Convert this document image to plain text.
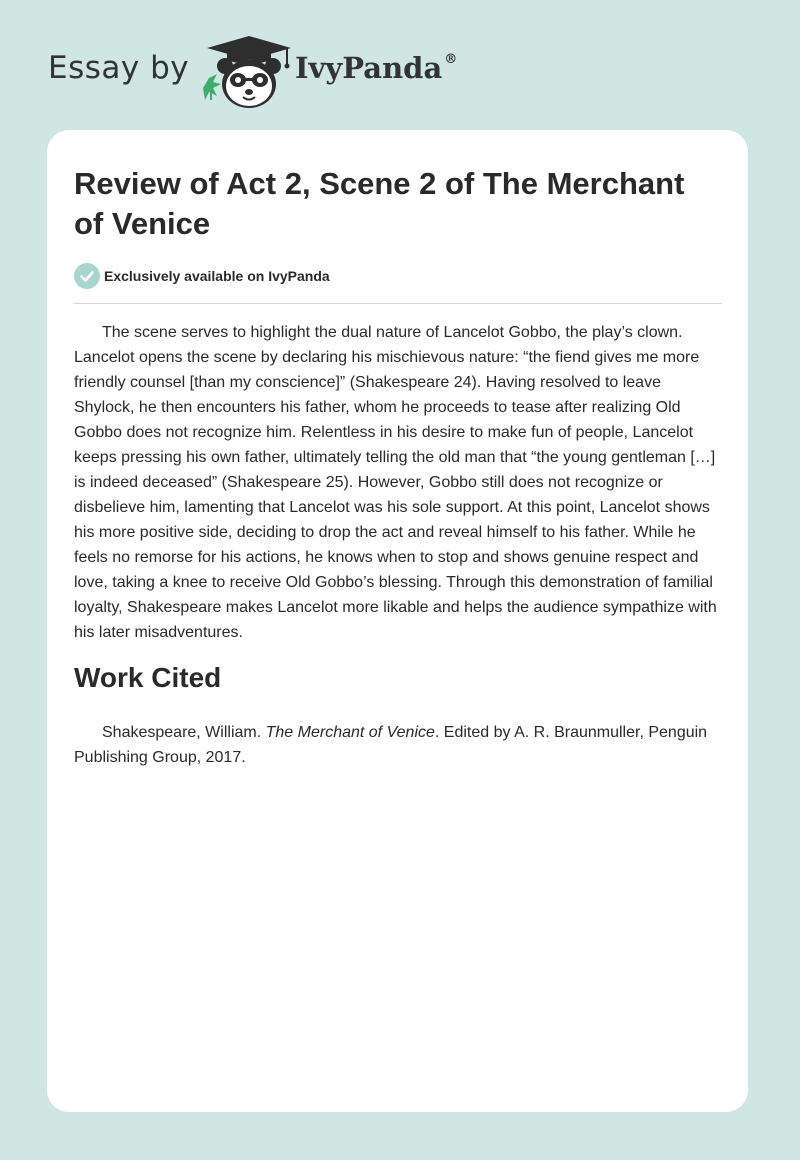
Essay by	IvyPanda ®
Review of Act 2, Scene 2 of The Merchant of Venice
Exclusively available on IvyPanda

The scene serves to highlight the dual nature of Lancelot Gobbo, the play’s clown. Lancelot opens the scene by declaring his mischievous nature: “the fiend gives me more friendly counsel [than my conscience]” (Shakespeare 24). Having resolved to leave Shylock, he then encounters his father, whom he proceeds to tease after realizing Old Gobbo does not recognize him. Relentless in his desire to make fun of people, Lancelot keeps pressing his own father, ultimately telling the old man that “the young gentleman […] is indeed deceased” (Shakespeare 25). However, Gobbo still does not recognize or disbelieve him, lamenting that Lancelot was his sole support. At this point, Lancelot shows his more positive side, deciding to drop the act and reveal himself to his father. While he feels no remorse for his actions, he knows when to stop and shows genuine respect and love, taking a knee to receive Old Gobbo’s blessing. Through this demonstration of familial loyalty, Shakespeare makes Lancelot more likable and helps the audience sympathize with his later misadventures.

Work Cited

Shakespeare, William. The Merchant of Venice. Edited by A. R. Braunmuller, Penguin Publishing Group, 2017.
